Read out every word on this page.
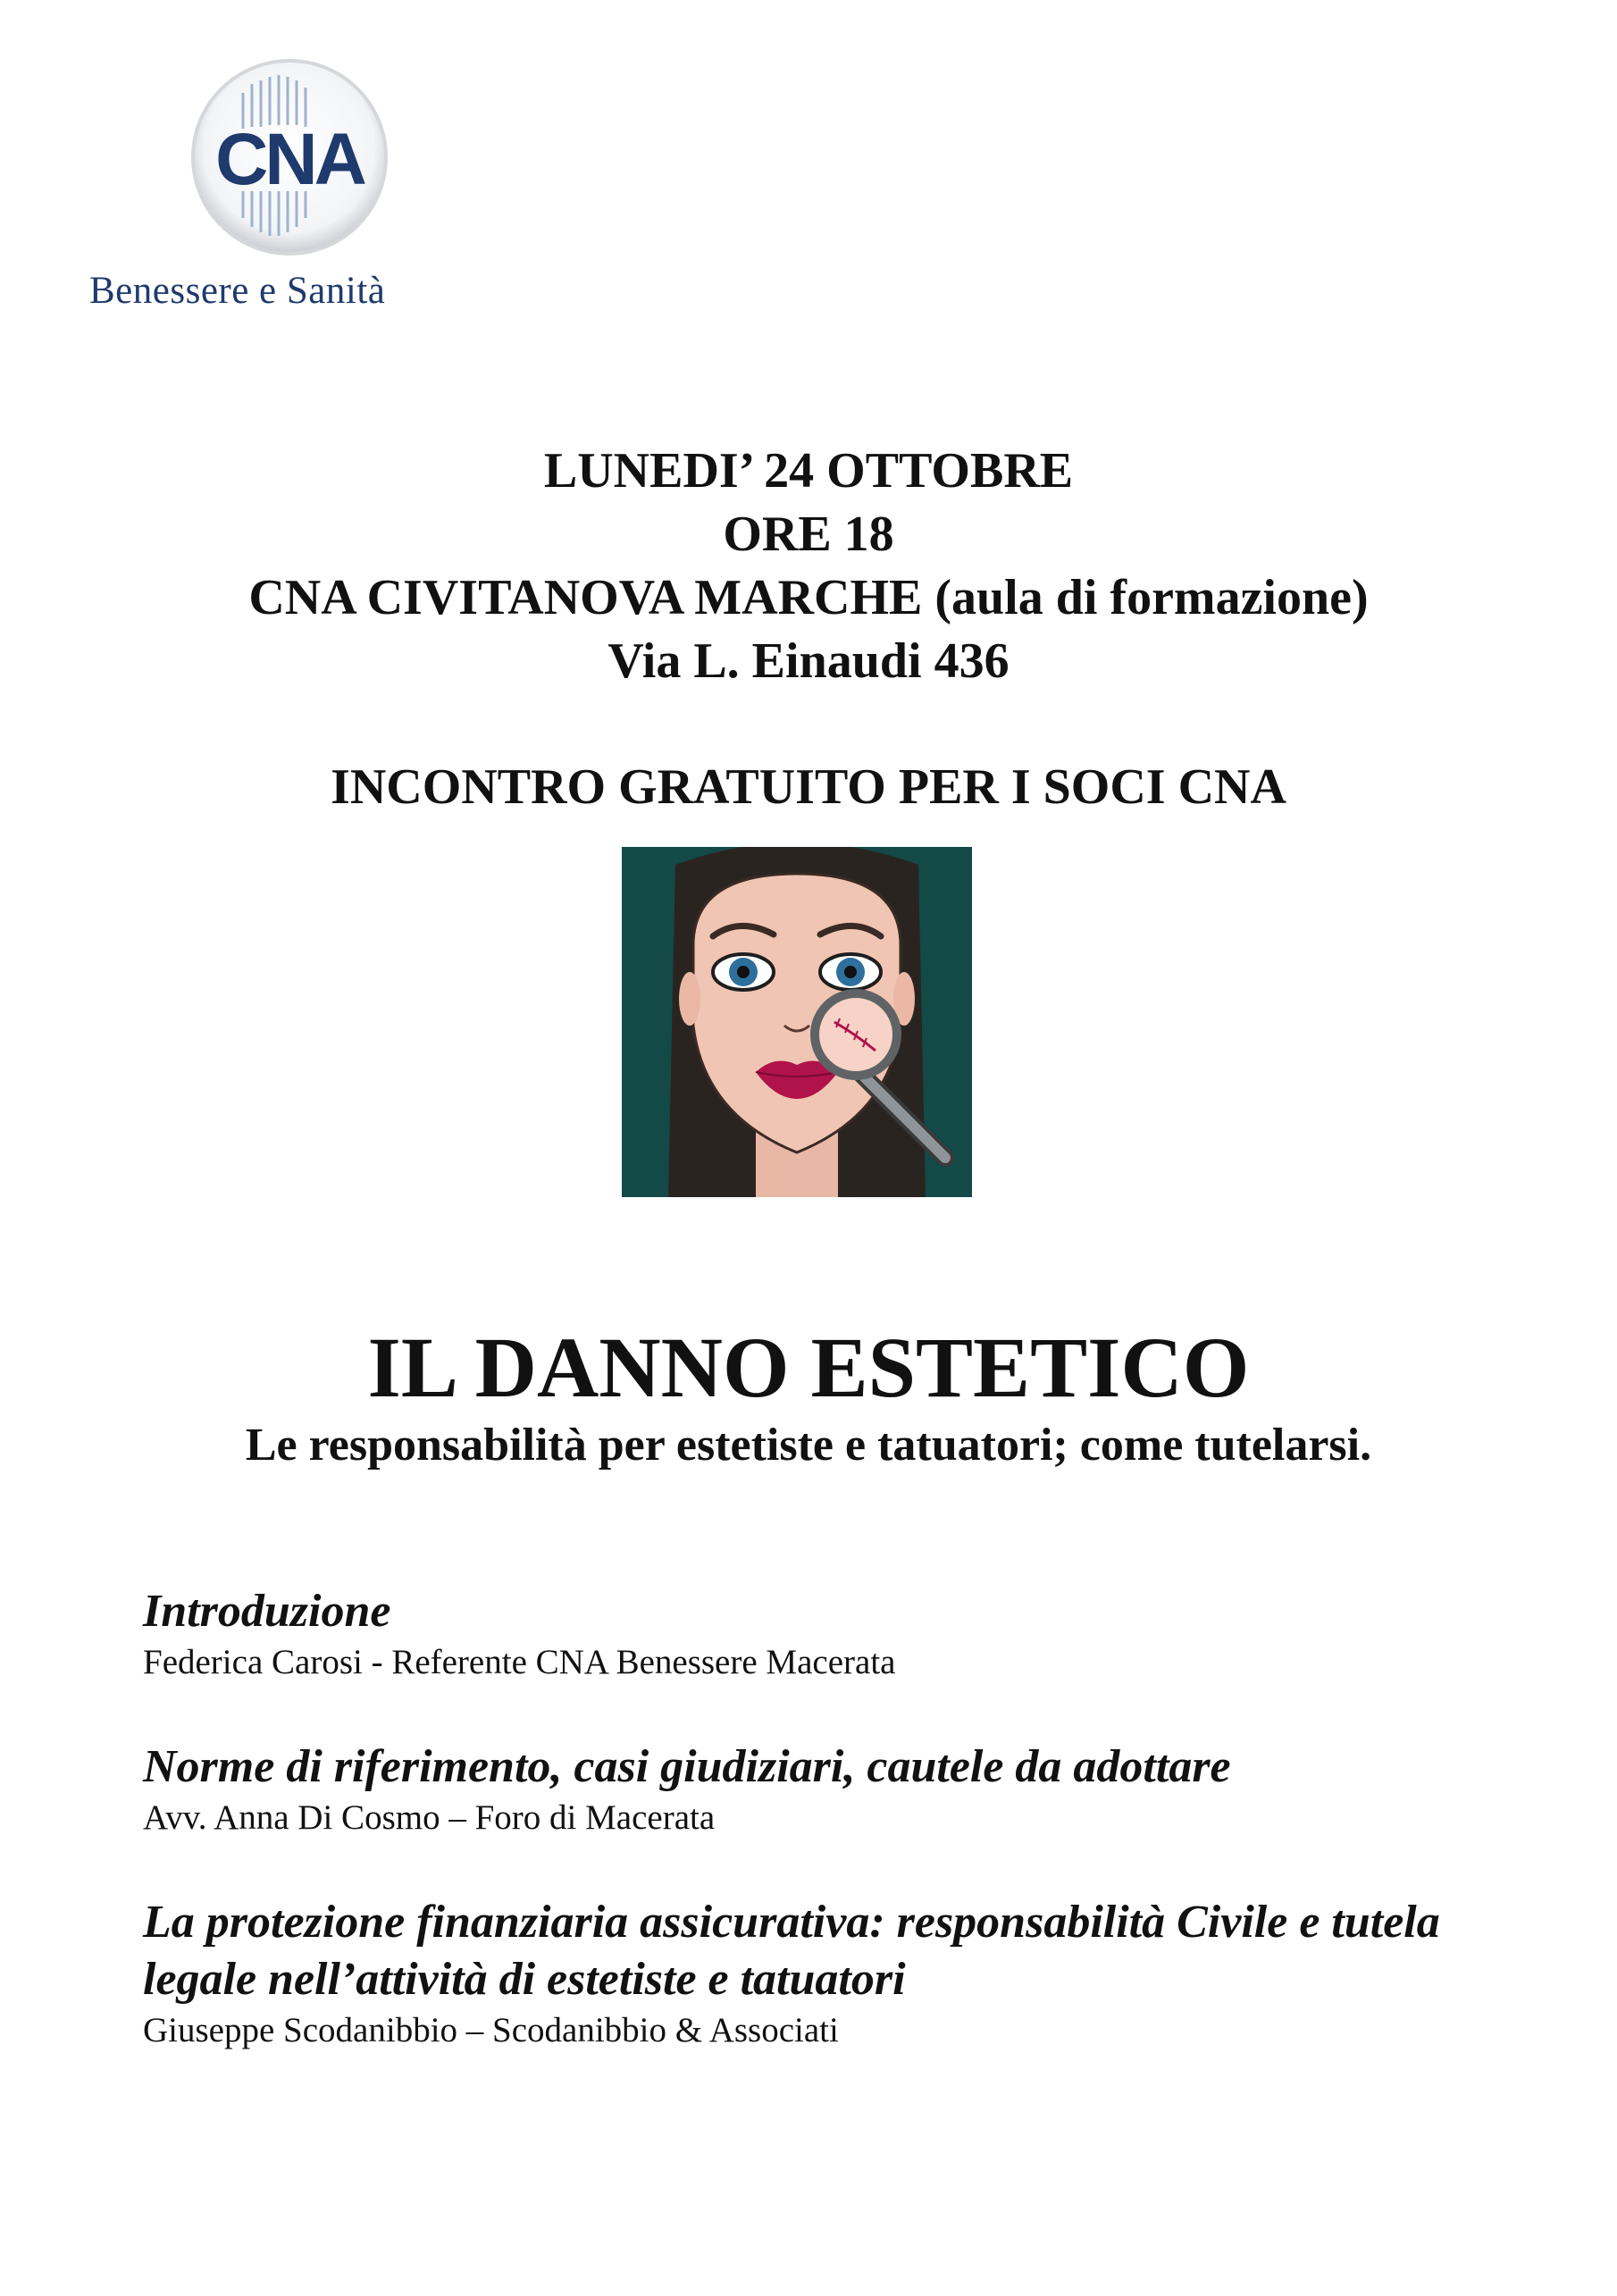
CNA
Benessere e Sanità
LUNEDI’ 24 OTTOBRE
ORE 18
CNA CIVITANOVA MARCHE (aula di formazione)
Via L. Einaudi 436
INCONTRO GRATUITO PER I SOCI CNA
IL DANNO ESTETICO
Le responsabilità per estetiste e tatuatori; come tutelarsi.
Introduzione
Federica Carosi - Referente CNA Benessere Macerata
Norme di riferimento, casi giudiziari, cautele da adottare
Avv. Anna Di Cosmo – Foro di Macerata
La protezione finanziaria assicurativa: responsabilità Civile e tutela legale nell’attività di estetiste e tatuatori
Giuseppe Scodanibbio – Scodanibbio & Associati
